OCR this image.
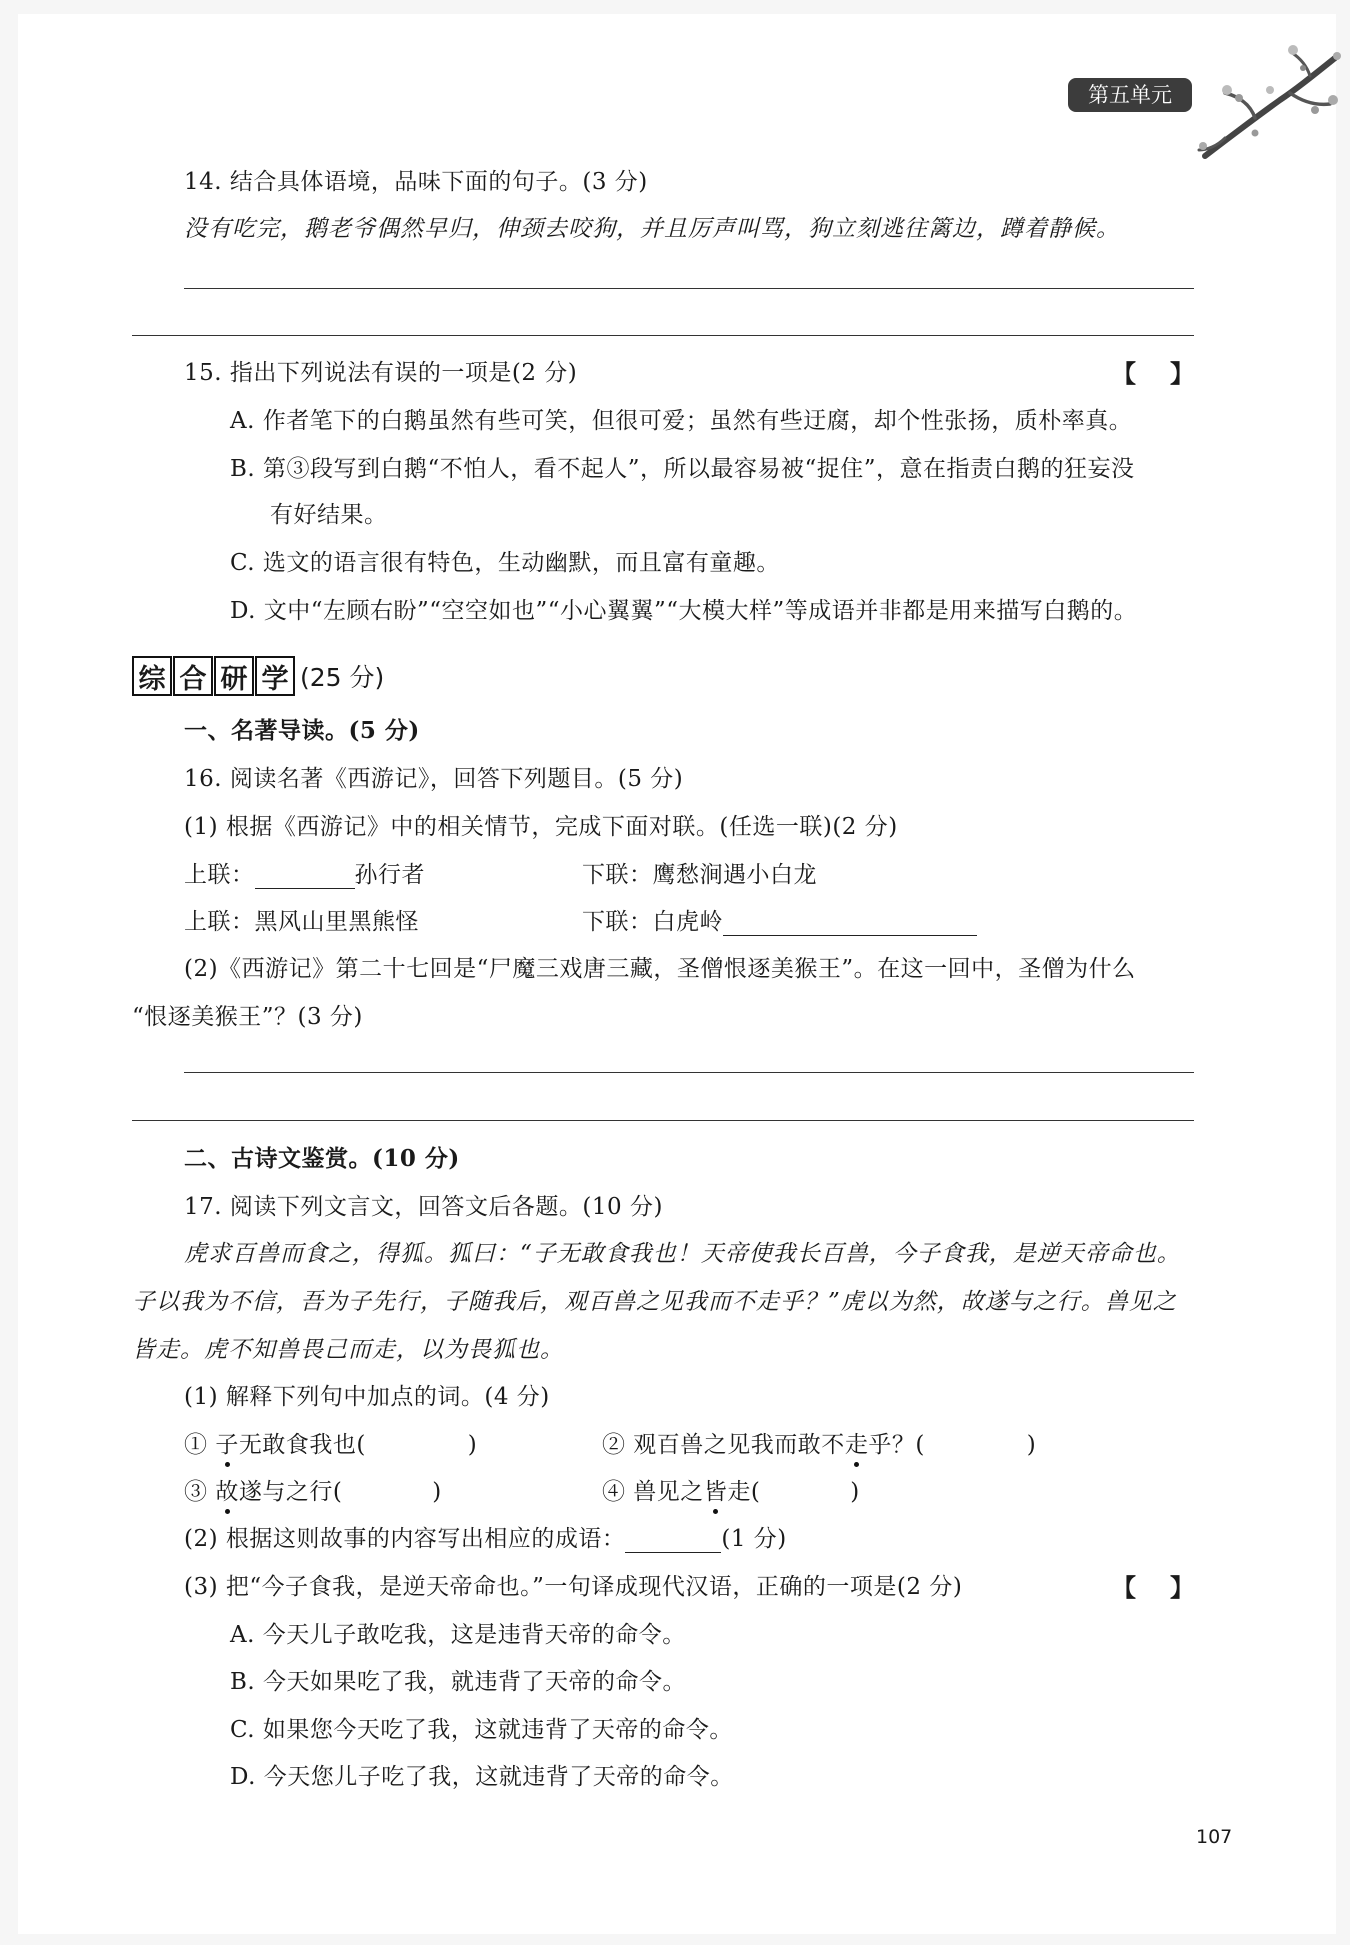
第五单元
14. 结合具体语境，品味下面的句子。(3 分)
没有吃完，鹅老爷偶然早归，伸颈去咬狗，并且厉声叫骂，狗立刻逃往篱边，蹲着静候。
15. 指出下列说法有误的一项是(2 分)	【 】
A. 作者笔下的白鹅虽然有些可笑，但很可爱；虽然有些迂腐，却个性张扬，质朴率真。
B. 第③段写到白鹅“不怕人，看不起人”，所以最容易被“捉住”，意在指责白鹅的狂妄没
有好结果。
C. 选文的语言很有特色，生动幽默，而且富有童趣。
D. 文中“左顾右盼”“空空如也”“小心翼翼”“大模大样”等成语并非都是用来描写白鹅的。
综 合 研 学 (25 分)
一、名著导读。(5 分)
16. 阅读名著《西游记》，回答下列题目。(5 分)
(1) 根据《西游记》中的相关情节，完成下面对联。(任选一联)(2 分)
上联：	孙行者	下联：鹰愁涧遇小白龙
上联：黑风山里黑熊怪	下联：白虎岭
(2)《西游记》第二十七回是“尸魔三戏唐三藏，圣僧恨逐美猴王”。在这一回中，圣僧为什么
“恨逐美猴王”？(3 分)
二、古诗文鉴赏。(10 分)
17. 阅读下列文言文，回答文后各题。(10 分)
虎求百兽而食之，得狐。狐曰：“子无敢食我也！天帝使我长百兽，今子食我，是逆天帝命也。
子以我为不信，吾为子先行，子随我后，观百兽之见我而不走乎？”虎以为然，故遂与之行。兽见之
皆走。虎不知兽畏己而走，以为畏狐也。
(1) 解释下列句中加点的词。(4 分)
① 子无敢食我也(	)	② 观百兽之见我而敢不走乎？(	)
③ 故遂与之行(	)	④ 兽见之皆走(	)
(2) 根据这则故事的内容写出相应的成语：	(1 分)
(3) 把“今子食我，是逆天帝命也。”一句译成现代汉语，正确的一项是(2 分)	【 】
A. 今天儿子敢吃我，这是违背天帝的命令。
B. 今天如果吃了我，就违背了天帝的命令。
C. 如果您今天吃了我，这就违背了天帝的命令。
D. 今天您儿子吃了我，这就违背了天帝的命令。
107
